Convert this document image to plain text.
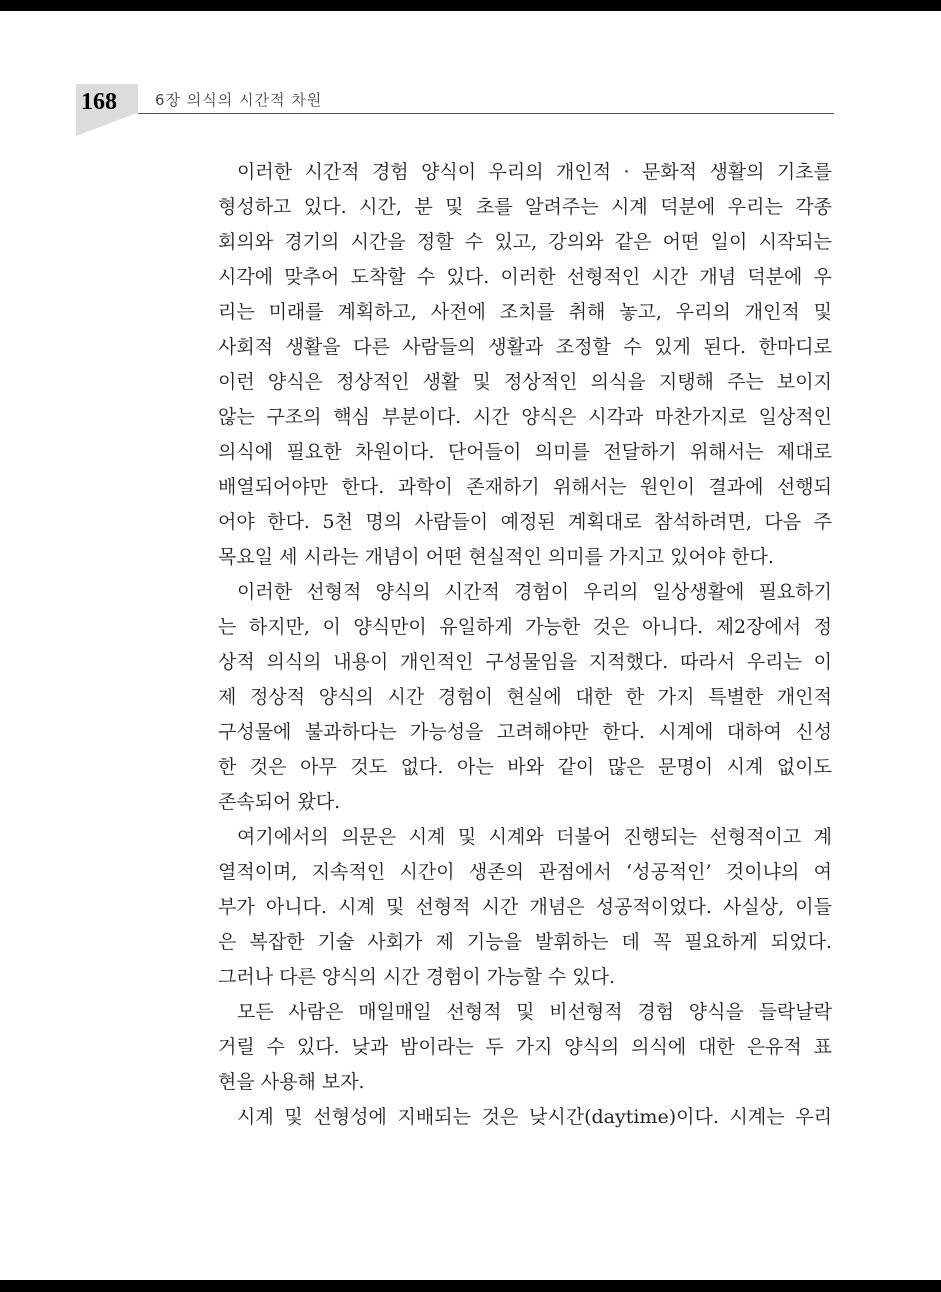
168	6장 의식의 시간적 차원
이러한 시간적 경험 양식이 우리의 개인적 · 문화적 생활의 기초를
형성하고 있다. 시간, 분 및 초를 알려주는 시계 덕분에 우리는 각종
회의와 경기의 시간을 정할 수 있고, 강의와 같은 어떤 일이 시작되는
시각에 맞추어 도착할 수 있다. 이러한 선형적인 시간 개념 덕분에 우
리는 미래를 계획하고, 사전에 조치를 취해 놓고, 우리의 개인적 및
사회적 생활을 다른 사람들의 생활과 조정할 수 있게 된다. 한마디로
이런 양식은 정상적인 생활 및 정상적인 의식을 지탱해 주는 보이지
않는 구조의 핵심 부분이다. 시간 양식은 시각과 마찬가지로 일상적인
의식에 필요한 차원이다. 단어들이 의미를 전달하기 위해서는 제대로
배열되어야만 한다. 과학이 존재하기 위해서는 원인이 결과에 선행되
어야 한다. 5천 명의 사람들이 예정된 계획대로 참석하려면, 다음 주
목요일 세 시라는 개념이 어떤 현실적인 의미를 가지고 있어야 한다.
이러한 선형적 양식의 시간적 경험이 우리의 일상생활에 필요하기
는 하지만, 이 양식만이 유일하게 가능한 것은 아니다. 제2장에서 정
상적 의식의 내용이 개인적인 구성물임을 지적했다. 따라서 우리는 이
제 정상적 양식의 시간 경험이 현실에 대한 한 가지 특별한 개인적
구성물에 불과하다는 가능성을 고려해야만 한다. 시계에 대하여 신성
한 것은 아무 것도 없다. 아는 바와 같이 많은 문명이 시계 없이도
존속되어 왔다.
여기에서의 의문은 시계 및 시계와 더불어 진행되는 선형적이고 계
열적이며, 지속적인 시간이 생존의 관점에서 ‘성공적인’ 것이냐의 여
부가 아니다. 시계 및 선형적 시간 개념은 성공적이었다. 사실상, 이들
은 복잡한 기술 사회가 제 기능을 발휘하는 데 꼭 필요하게 되었다.
그러나 다른 양식의 시간 경험이 가능할 수 있다.
모든 사람은 매일매일 선형적 및 비선형적 경험 양식을 들락날락
거릴 수 있다. 낮과 밤이라는 두 가지 양식의 의식에 대한 은유적 표
현을 사용해 보자.
시계 및 선형성에 지배되는 것은 낮시간(daytime)이다. 시계는 우리
